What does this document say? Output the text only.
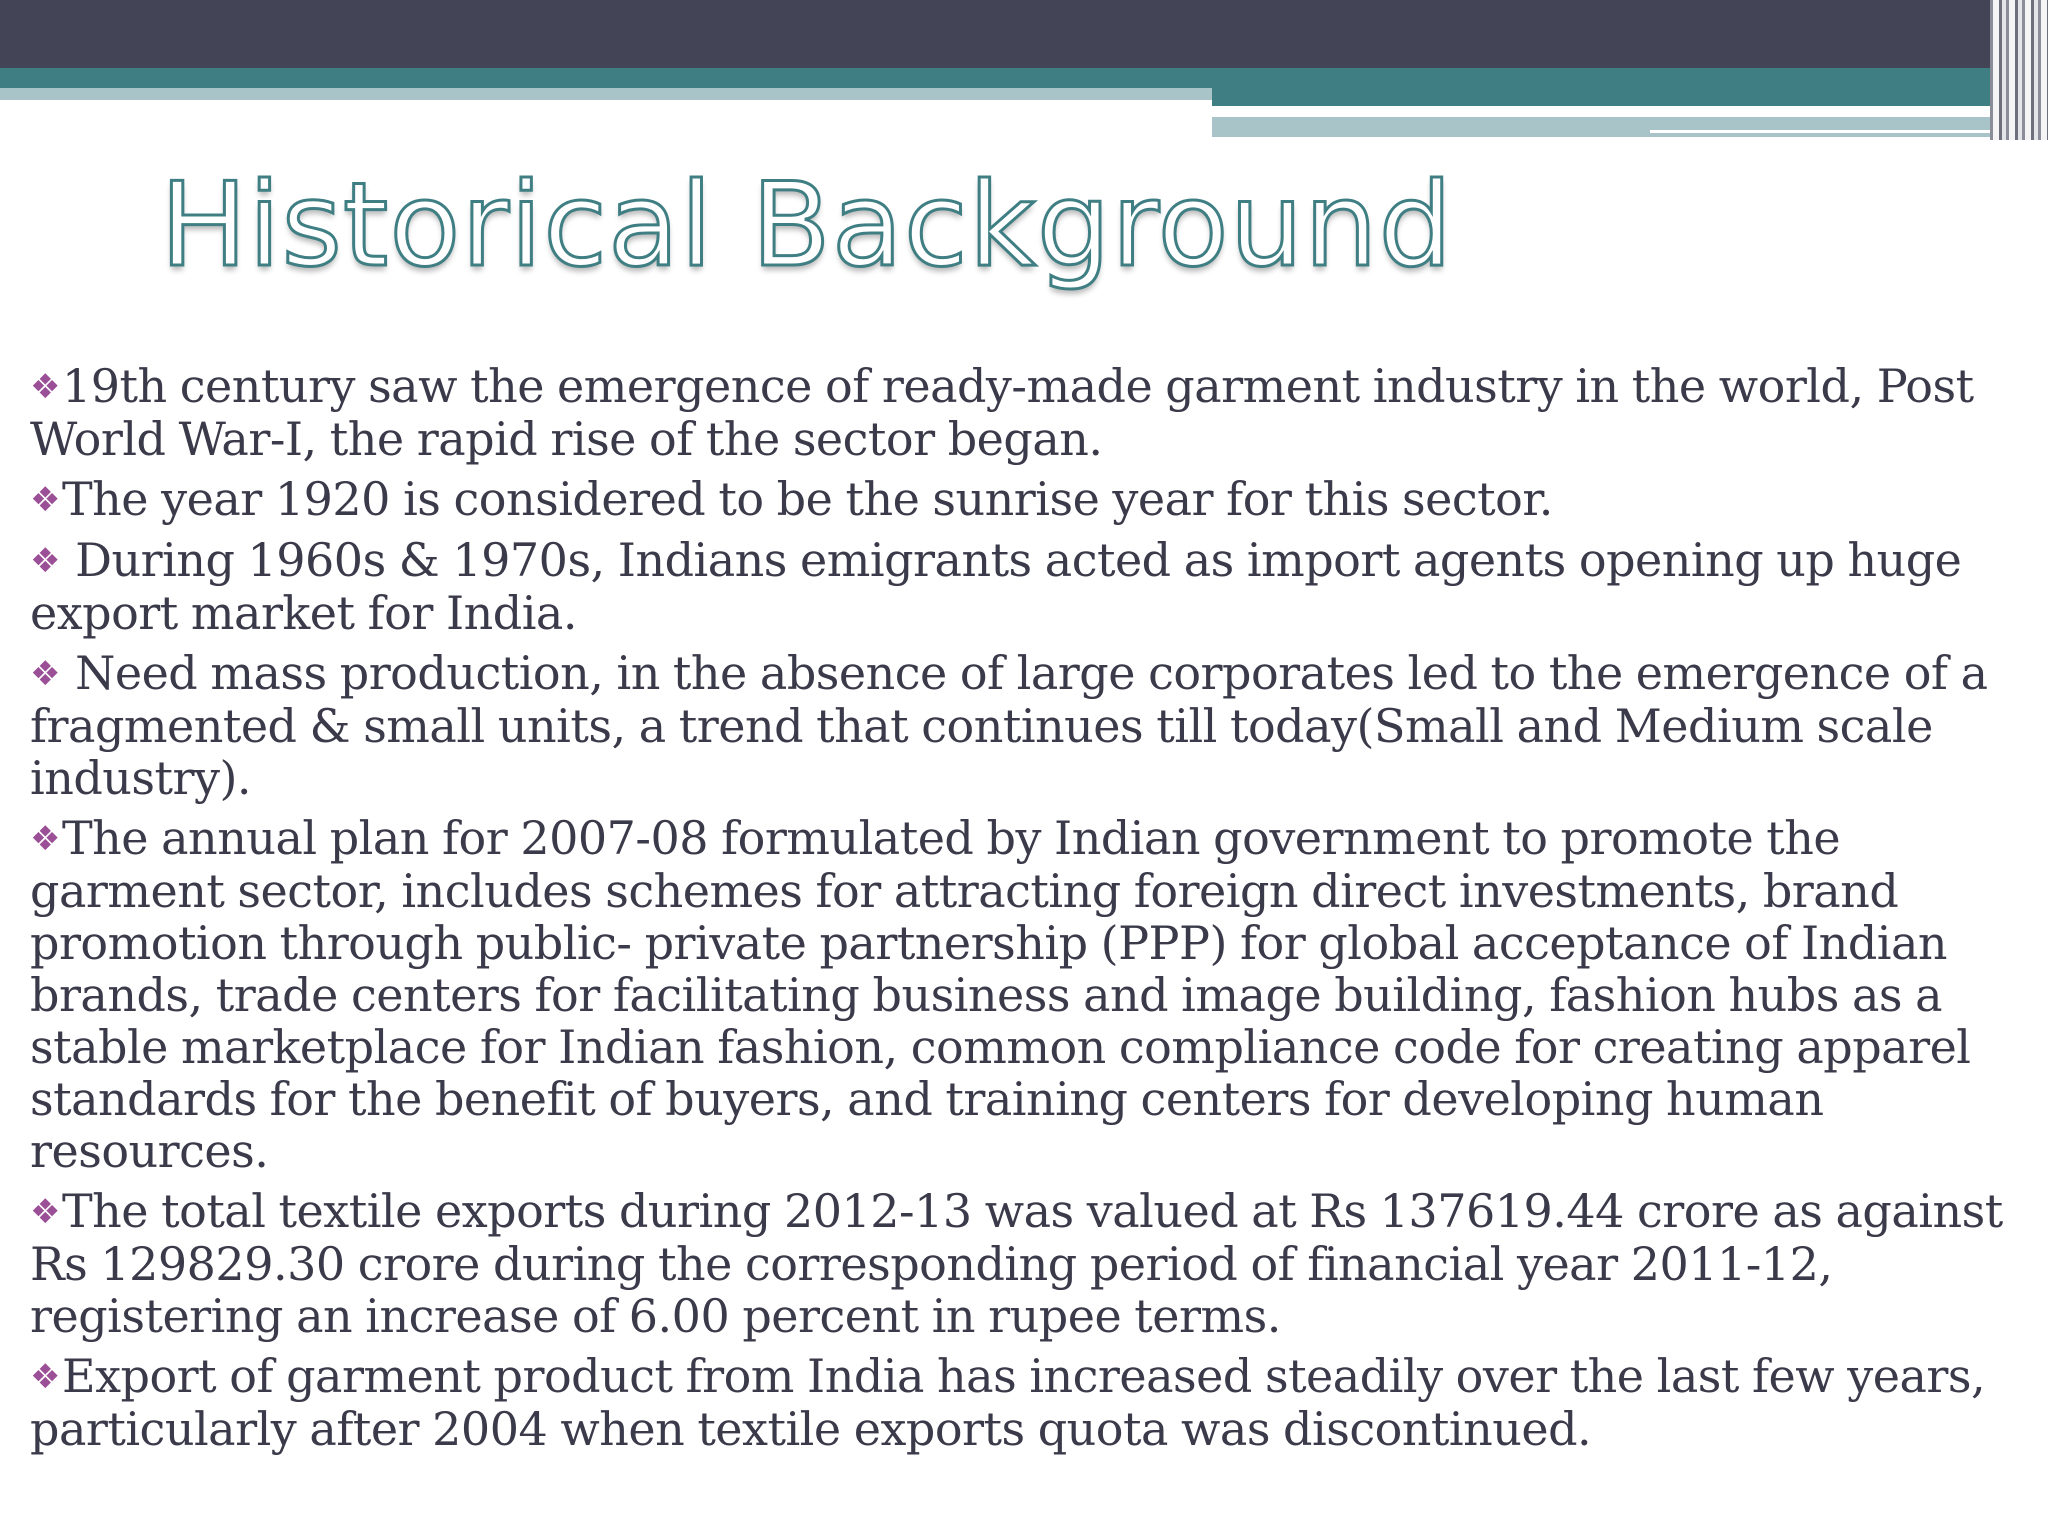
Historical Background
❖19th century saw the emergence of ready-made garment industry in the world, Post World War-I, the rapid rise of the sector began.
❖The year 1920 is considered to be the sunrise year for this sector.
❖ During 1960s & 1970s, Indians emigrants acted as import agents opening up huge export market for India.
❖ Need mass production, in the absence of large corporates led to the emergence of a fragmented & small units, a trend that continues till today(Small and Medium scale industry).
❖The annual plan for 2007-08 formulated by Indian government to promote the garment sector, includes schemes for attracting foreign direct investments, brand promotion through public- private partnership (PPP) for global acceptance of Indian brands, trade centers for facilitating business and image building, fashion hubs as a stable marketplace for Indian fashion, common compliance code for creating apparel standards for the benefit of buyers, and training centers for developing human resources.
❖The total textile exports during 2012-13 was valued at Rs 137619.44 crore as against Rs 129829.30 crore during the corresponding period of financial year 2011-12, registering an increase of 6.00 percent in rupee terms.
❖Export of garment product from India has increased steadily over the last few years, particularly after 2004 when textile exports quota was discontinued.
